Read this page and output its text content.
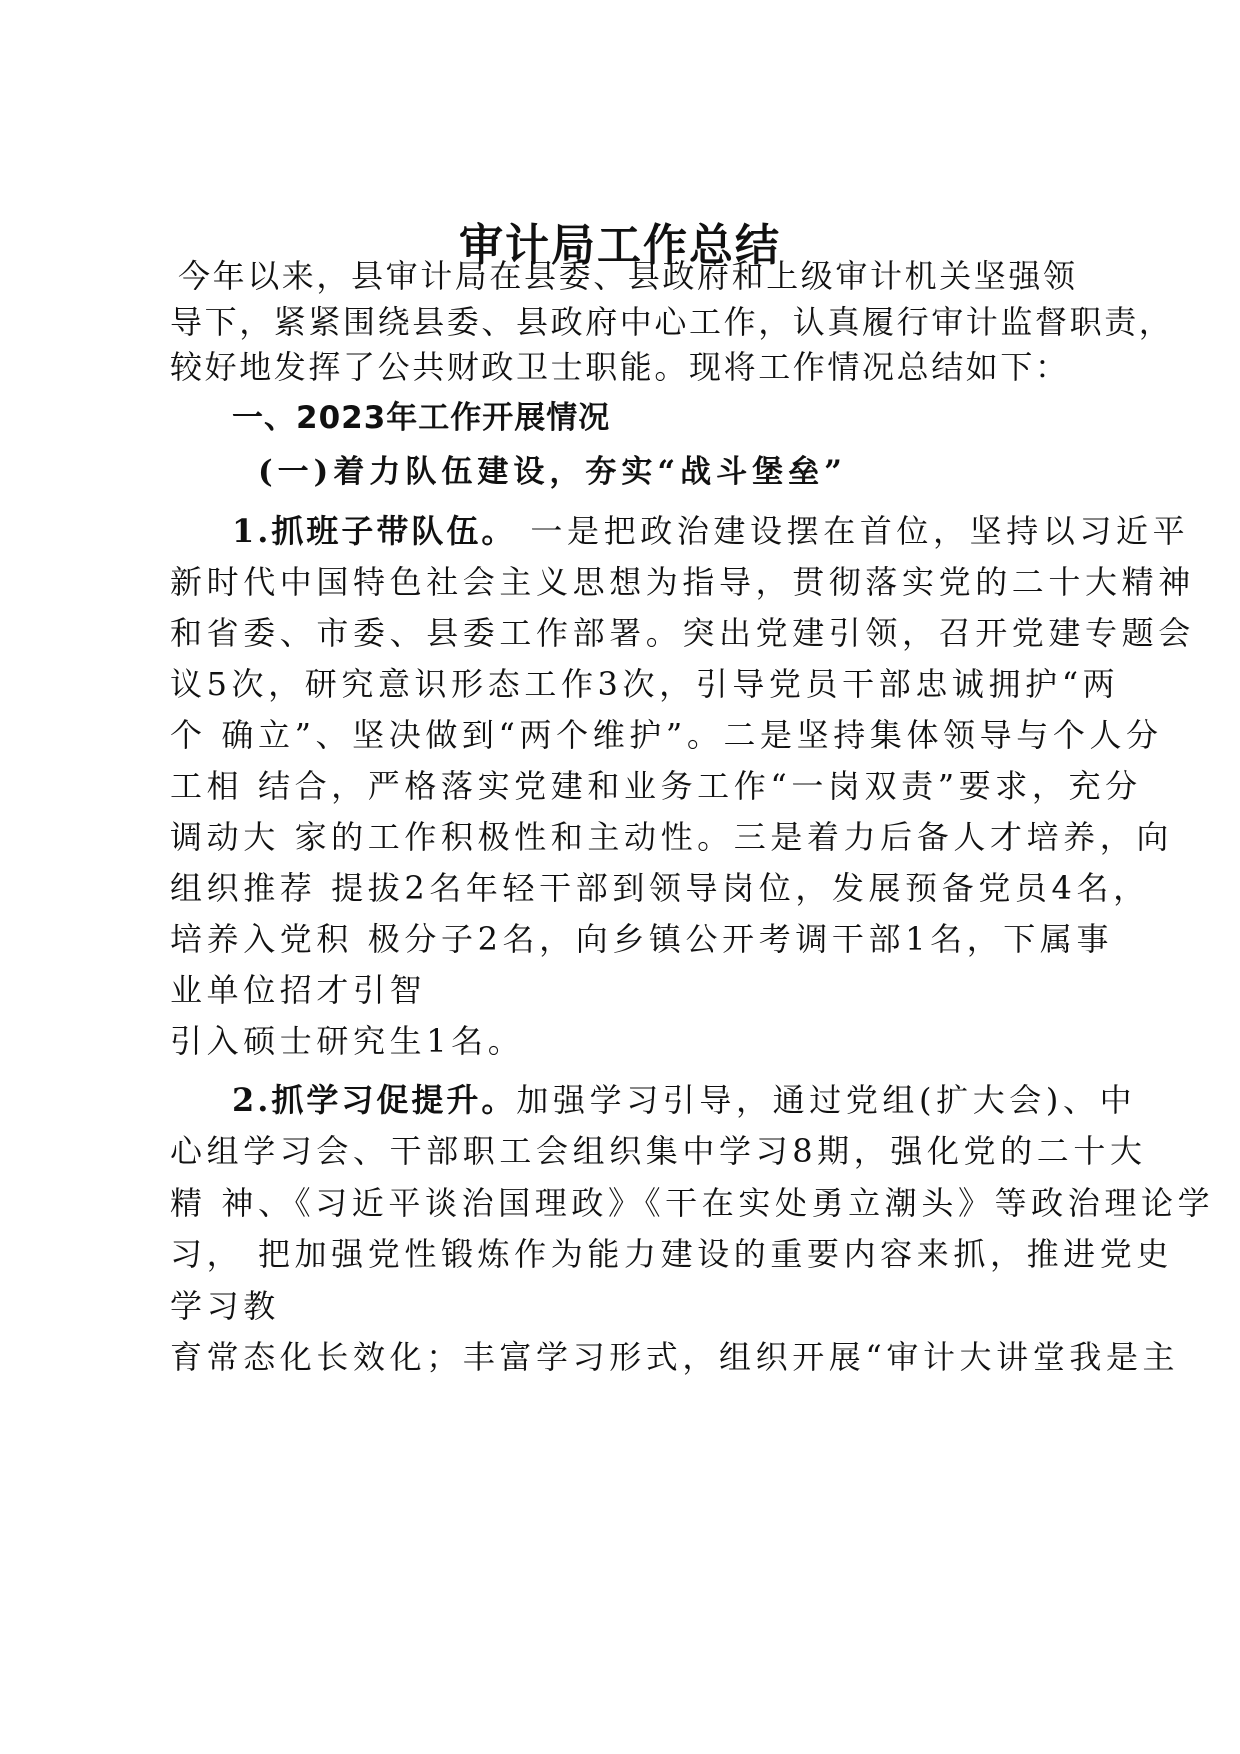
审计局工作总结
今年以来，县审计局在县委、县政府和上级审计机关坚强领
导下，紧紧围绕县委、县政府中心工作，认真履行审计监督职责，
较好地发挥了公共财政卫士职能。现将工作情况总结如下：
一、2023年工作开展情况
(一)着力队伍建设，夯实“战斗堡垒”
1.抓班子带队伍。 一是把政治建设摆在首位，坚持以习近平
新时代中国特色社会主义思想为指导，贯彻落实党的二十大精神
和省委、市委、县委工作部署。突出党建引领，召开党建专题会
议5次，研究意识形态工作3次，引导党员干部忠诚拥护“两
个 确立”、坚决做到“两个维护”。二是坚持集体领导与个人分
工相 结合，严格落实党建和业务工作“一岗双责”要求，充分
调动大 家的工作积极性和主动性。三是着力后备人才培养，向
组织推荐 提拔2名年轻干部到领导岗位，发展预备党员4名，
培养入党积 极分子2名，向乡镇公开考调干部1名，下属事
业单位招才引智
引入硕士研究生1名。
2.抓学习促提升。加强学习引导，通过党组(扩大会)、中
心组学习会、干部职工会组织集中学习8期，强化党的二十大
精 神、《习近平谈治国理政》《干在实处勇立潮头》等政治理论学
习， 把加强党性锻炼作为能力建设的重要内容来抓，推进党史
学习教
育常态化长效化；丰富学习形式，组织开展“审计大讲堂我是主
